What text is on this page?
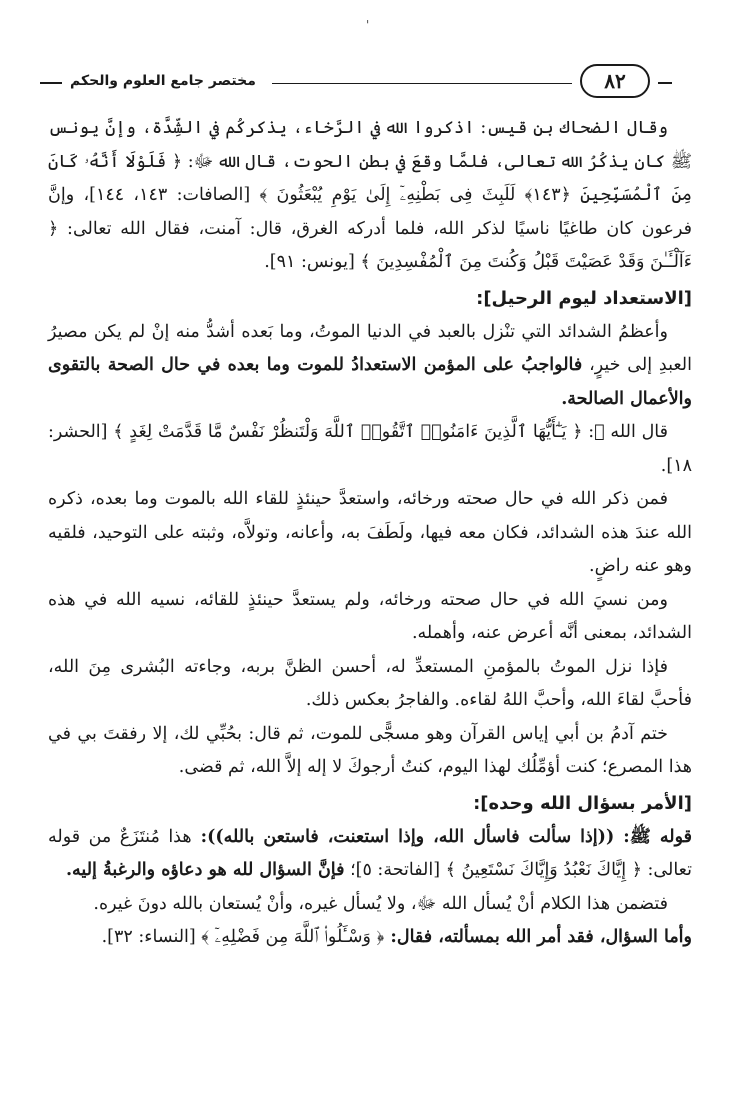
'
مختصر جامع العلوم والحكم	٨٢

وقال الضحاك بن قيس: اذكروا الله في الرَّخاء، يذكركُم في الشِّدَّة، وإنَّ يونس ﷺ كان يذكُرُ الله تعالى، فلمَّا وقعَ في بطن الحوت، قال الله ﷻ: ﴿ فَلَوْلَا أَنَّهُۥ كَانَ مِنَ ٱلْمُسَبِّحِينَ ﴿١٤٣﴾ لَلَبِثَ فِى بَطْنِهِۦٓ إِلَىٰ يَوْمِ يُبْعَثُونَ ﴾ [الصافات: ١٤٣، ١٤٤]، وإنَّ فرعون كان طاغيًا ناسيًا لذكر الله، فلما أدركه الغرق، قال: آمنت، فقال الله تعالى: ﴿ ءَآلْـَٔـٰنَ وَقَدْ عَصَيْتَ قَبْلُ وَكُنتَ مِنَ ٱلْمُفْسِدِينَ ﴾ [يونس: ٩١].

[الاستعداد ليوم الرحيل]:

وأعظمُ الشدائد التي تنْزل بالعبد في الدنيا الموتُ، وما بَعده أشدُّ منه إنْ لم يكن مصيرُ العبدِ إلى خيرٍ، فالواجبُ على المؤمن الاستعدادُ للموت وما بعده في حال الصحة بالتقوى والأعمال الصالحة.

قال الله ﷻ: ﴿ يَـٰٓأَيُّهَا ٱلَّذِينَ ءَامَنُوا۟ ٱتَّقُوا۟ ٱللَّهَ وَلْتَنظُرْ نَفْسٌ مَّا قَدَّمَتْ لِغَدٍ ﴾ [الحشر: ١٨].

فمن ذكر الله في حال صحته ورخائه، واستعدَّ حينئذٍ للقاء الله بالموت وما بعده، ذكره الله عندَ هذه الشدائد، فكان معه فيها، ولَطَفَ به، وأعانه، وتولاَّه، وثبته على التوحيد، فلقيه وهو عنه راضٍ.

ومن نسيَ الله في حال صحته ورخائه، ولم يستعدَّ حينئذٍ للقائه، نسيه الله في هذه الشدائد، بمعنى أنَّه أعرض عنه، وأهمله.

فإذا نزل الموتُ بالمؤمنِ المستعدِّ له، أحسن الظنَّ بربه، وجاءته البُشرى مِنَ الله، فأحبَّ لقاءَ الله، وأحبَّ اللهُ لقاءه. والفاجرُ بعكس ذلك.

ختم آدمُ بن أبي إياس القرآن وهو مسجًّى للموت، ثم قال: بحُبِّي لك، إلا رفقتَ بي في هذا المصرع؛ كنت أؤمِّلُك لهذا اليوم، كنتُ أرجوكَ لا إله إلاَّ الله، ثم قضى.

[الأمر بسؤال الله وحده]:

قوله ﷺ: ((إذا سألت فاسأل الله، وإذا استعنت، فاستعن بالله)): هذا مُنتَزَعٌ من قوله تعالى: ﴿ إِيَّاكَ نَعْبُدُ وَإِيَّاكَ نَسْتَعِينُ ﴾ [الفاتحة: ٥]؛ فإنَّ السؤال لله هو دعاؤه والرغبةُ إليه.

فتضمن هذا الكلام أنْ يُسأل الله ﷻ، ولا يُسأل غيره، وأنْ يُستعان بالله دونَ غيره.

وأما السؤال، فقد أمر الله بمسألته، فقال: ﴿ وَسْـَٔلُوا۟ ٱللَّهَ مِن فَضْلِهِۦٓ ﴾ [النساء: ٣٢].
